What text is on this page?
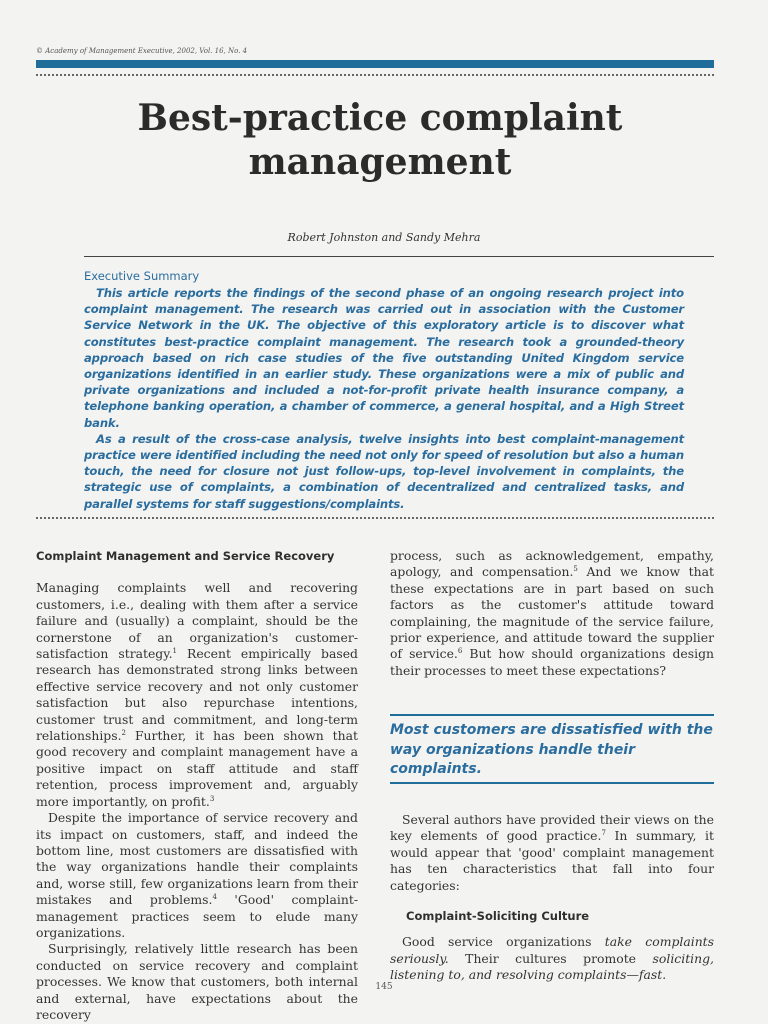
© Academy of Management Executive, 2002, Vol. 16, No. 4
Best-practice complaint
management
Robert Johnston and Sandy Mehra
Executive Summary

This article reports the findings of the second phase of an ongoing research project into complaint management. The research was carried out in association with the Customer Service Network in the UK. The objective of this exploratory article is to discover what constitutes best-practice complaint management. The research took a grounded-theory approach based on rich case studies of the five outstanding United Kingdom service organizations identified in an earlier study. These organizations were a mix of public and private organizations and included a not-for-profit private health insurance company, a telephone banking operation, a chamber of commerce, a general hospital, and a High Street bank.

As a result of the cross-case analysis, twelve insights into best complaint-management practice were identified including the need not only for speed of resolution but also a human touch, the need for closure not just follow-ups, top-level involvement in complaints, the strategic use of complaints, a combination of decentralized and centralized tasks, and parallel systems for staff suggestions/complaints.

Complaint Management and Service Recovery

Managing complaints well and recovering customers, i.e., dealing with them after a service failure and (usually) a complaint, should be the cornerstone of an organization's customer-satisfaction strategy.$^1$ Recent empirically based research has demonstrated strong links between effective service recovery and not only customer satisfaction but also repurchase intentions, customer trust and commitment, and long-term relationships.$^2$ Further, it has been shown that good recovery and complaint management have a positive impact on staff attitude and staff retention, process improvement and, arguably more importantly, on profit.$^3$

Despite the importance of service recovery and its impact on customers, staff, and indeed the bottom line, most customers are dissatisfied with the way organizations handle their complaints and, worse still, few organizations learn from their mistakes and problems.$^4$ 'Good' complaint-management practices seem to elude many organizations.

Surprisingly, relatively little research has been conducted on service recovery and complaint processes. We know that customers, both internal and external, have expectations about the recovery

process, such as acknowledgement, empathy, apology, and compensation.$^5$ And we know that these expectations are in part based on such factors as the customer's attitude toward complaining, the magnitude of the service failure, prior experience, and attitude toward the supplier of service.$^6$ But how should organizations design their processes to meet these expectations?

Most customers are dissatisfied with the way organizations handle their complaints.

Several authors have provided their views on the key elements of good practice.$^7$ In summary, it would appear that 'good' complaint management has ten characteristics that fall into four categories:

Complaint-Soliciting Culture

Good service organizations take complaints seriously. Their cultures promote soliciting, listening to, and resolving complaints—fast.

145
